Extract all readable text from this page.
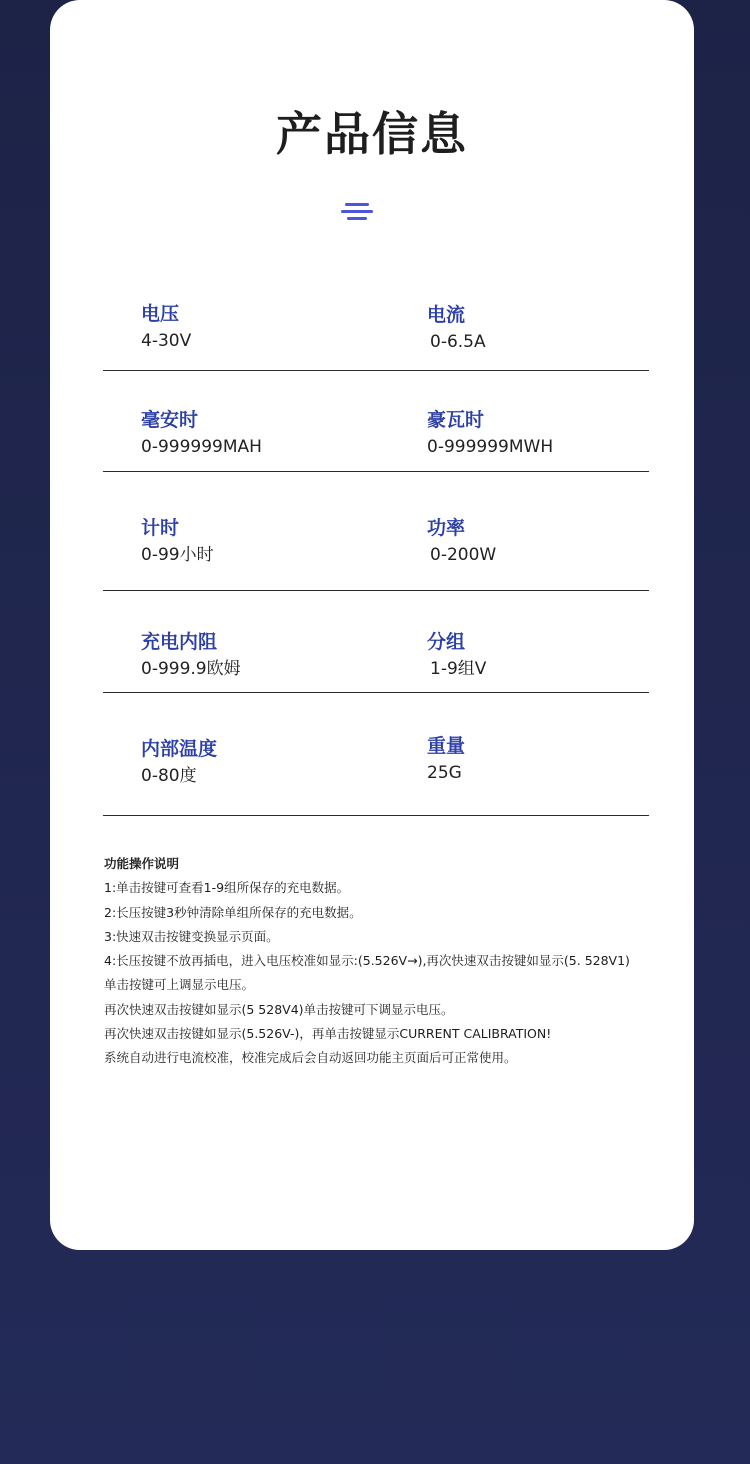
产品信息
电压
4-30V
电流
0-6.5A
毫安时
0-999999MAH
豪瓦时
0-999999MWH
计时
0-99小时
功率
0-200W
充电内阻
0-999.9欧姆
分组
1-9组V
内部温度
0-80度
重量
25G
功能操作说明
1:单击按键可查看1-9组所保存的充电数据。
2:长压按键3秒钟清除单组所保存的充电数据。
3:快速双击按键变换显示页面。
4:长压按键不放再插电，进入电压校准如显示:(5.526V→),再次快速双击按键如显示(5. 528V1)
单击按键可上调显示电压。
再次快速双击按键如显示(5 528V4)单击按键可下调显示电压。
再次快速双击按键如显示(5.526V-)，再单击按键显示CURRENT CALIBRATION!
系统自动进行电流校准，校准完成后会自动返回功能主页面后可正常使用。
